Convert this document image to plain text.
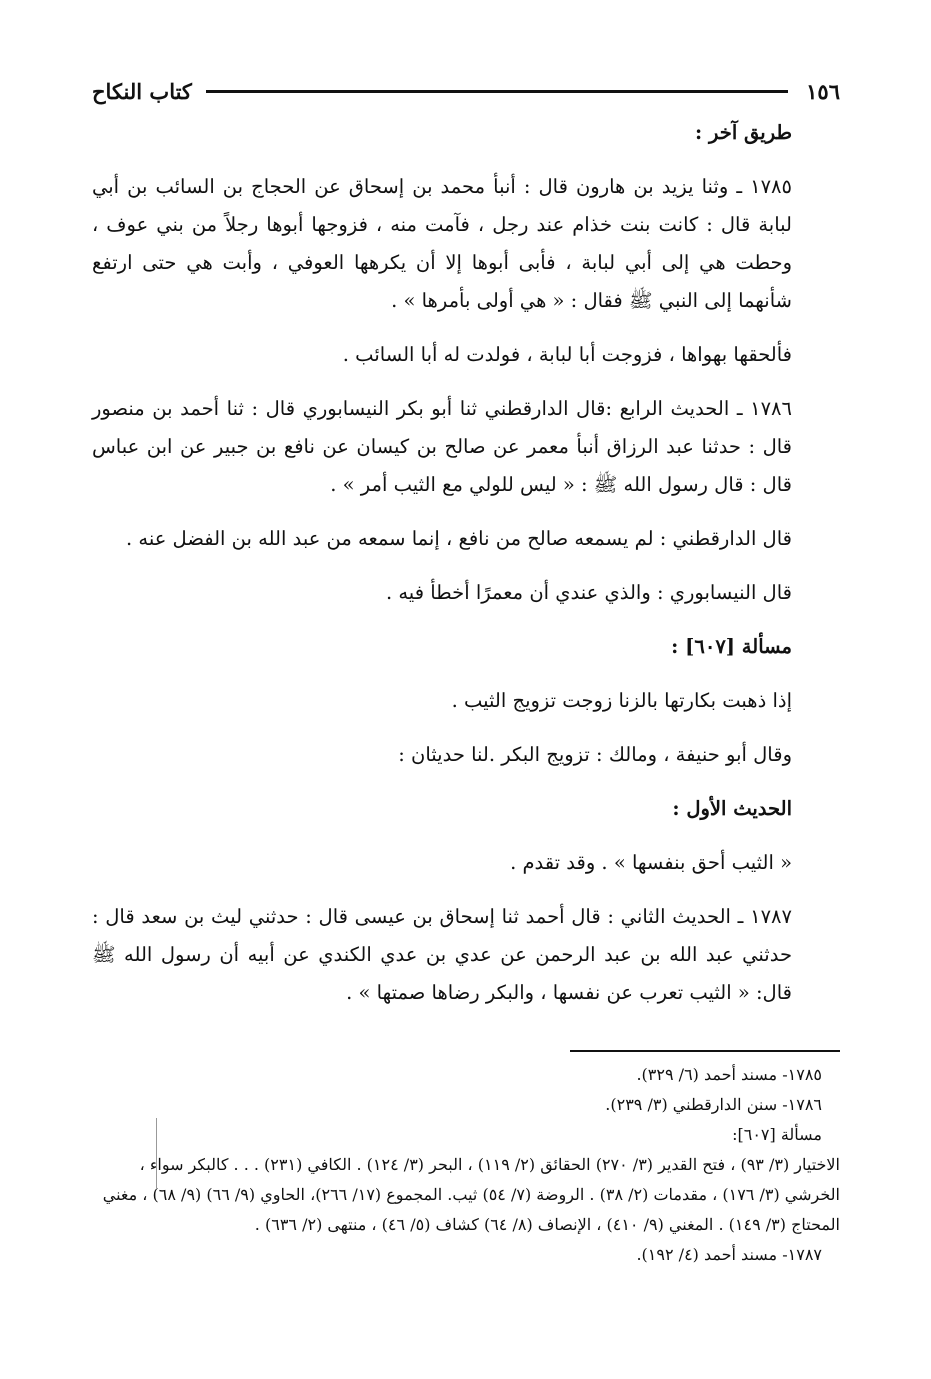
١٥٦
كتاب النكاح

طريق آخر :

١٧٨٥ ـ وثنا يزيد بن هارون قال : أنبأ محمد بن إسحاق عن الحجاج بن السائب بن أبي لبابة قال : كانت بنت خذام عند رجل ، فآمت منه ، فزوجها أبوها رجلاً من بني عوف ، وحطت هي إلى أبي لبابة ، فأبى أبوها إلا أن يكرهها العوفي ، وأبت هي حتى ارتفع شأنهما إلى النبي ﷺ فقال : « هي أولى بأمرها » .

فألحقها بهواها ، فزوجت أبا لبابة ، فولدت له أبا السائب .

١٧٨٦ ـ الحديث الرابع :قال الدارقطني ثنا أبو بكر النيسابوري قال : ثنا أحمد بن منصور قال : حدثنا عبد الرزاق أنبأ معمر عن صالح بن كيسان عن نافع بن جبير عن ابن عباس قال : قال رسول الله ﷺ : « ليس للولي مع الثيب أمر » .

قال الدارقطني : لم يسمعه صالح من نافع ، إنما سمعه من عبد الله بن الفضل عنه .

قال النيسابوري : والذي عندي أن معمرًا أخطأ فيه .

مسألة [٦٠٧] :

إذا ذهبت بكارتها بالزنا زوجت تزويج الثيب .

وقال أبو حنيفة ، ومالك : تزويج البكر .لنا حديثان :

الحديث الأول :

« الثيب أحق بنفسها » . وقد تقدم .

١٧٨٧ ـ الحديث الثاني : قال أحمد ثنا إسحاق بن عيسى قال : حدثني ليث بن سعد قال : حدثني عبد الله بن عبد الرحمن عن عدي بن عدي الكندي عن أبيه أن رسول الله ﷺ قال: « الثيب تعرب عن نفسها ، والبكر رضاها صمتها » .

١٧٨٥- مسند أحمد (٦/ ٣٢٩).

١٧٨٦- سنن الدارقطني (٣/ ٢٣٩).

مسألة [٦٠٧]:

الاختيار (٣/ ٩٣) ، فتح القدير (٣/ ٢٧٠) الحقائق (٢/ ١١٩) ، البحر (٣/ ١٢٤) . الكافي (٢٣١) . . . كالبكر سواء ، الخرشي (٣/ ١٧٦) ، مقدمات (٢/ ٣٨) . الروضة (٧/ ٥٤) ثيب. المجموع (١٧/ ٢٦٦)، الحاوي (٩/ ٦٦) (٩/ ٦٨) ، مغني المحتاج (٣/ ١٤٩) . المغني (٩/ ٤١٠) ، الإنصاف (٨/ ٦٤) كشاف (٥/ ٤٦) ، منتهى (٢/ ٦٣٦) .

١٧٨٧- مسند أحمد (٤/ ١٩٢).
